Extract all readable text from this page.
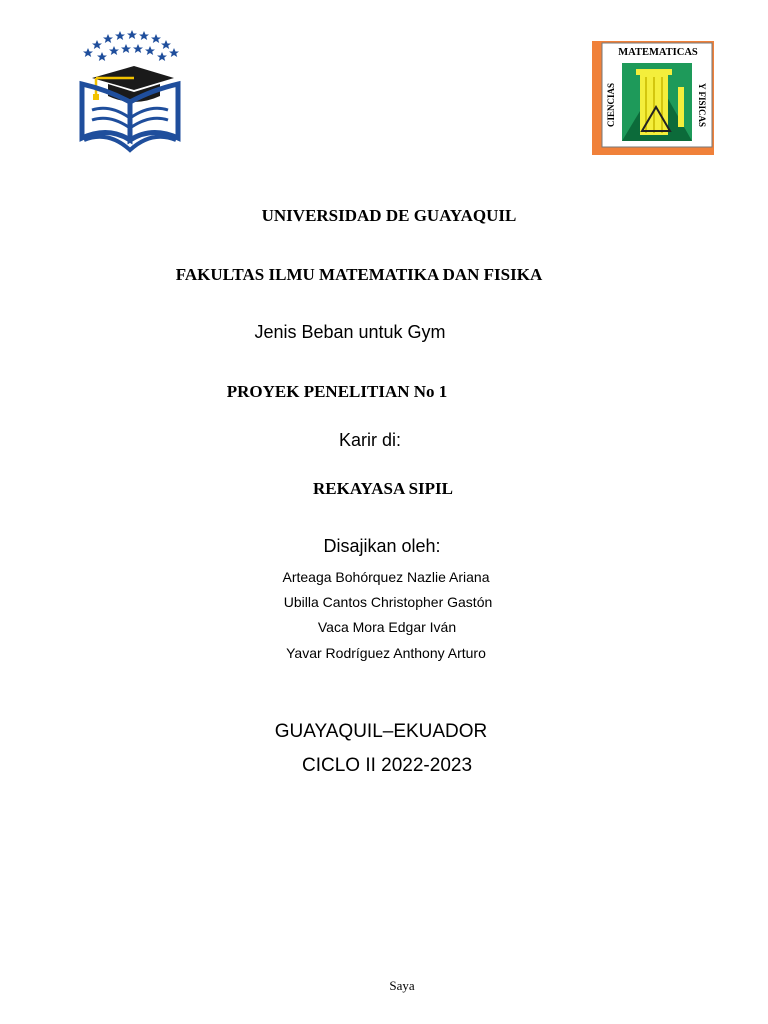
MATEMATICAS
CIENCIAS	Y FISICAS
UNIVERSIDAD DE GUAYAQUIL
FAKULTAS ILMU MATEMATIKA DAN FISIKA
Jenis Beban untuk Gym
PROYEK PENELITIAN No 1
Karir di:
REKAYASA SIPIL
Disajikan oleh:
Arteaga Bohórquez Nazlie Ariana
Ubilla Cantos Christopher Gastón
Vaca Mora Edgar Iván
Yavar Rodríguez Anthony Arturo
GUAYAQUIL–EKUADOR
CICLO II 2022-2023
Saya
